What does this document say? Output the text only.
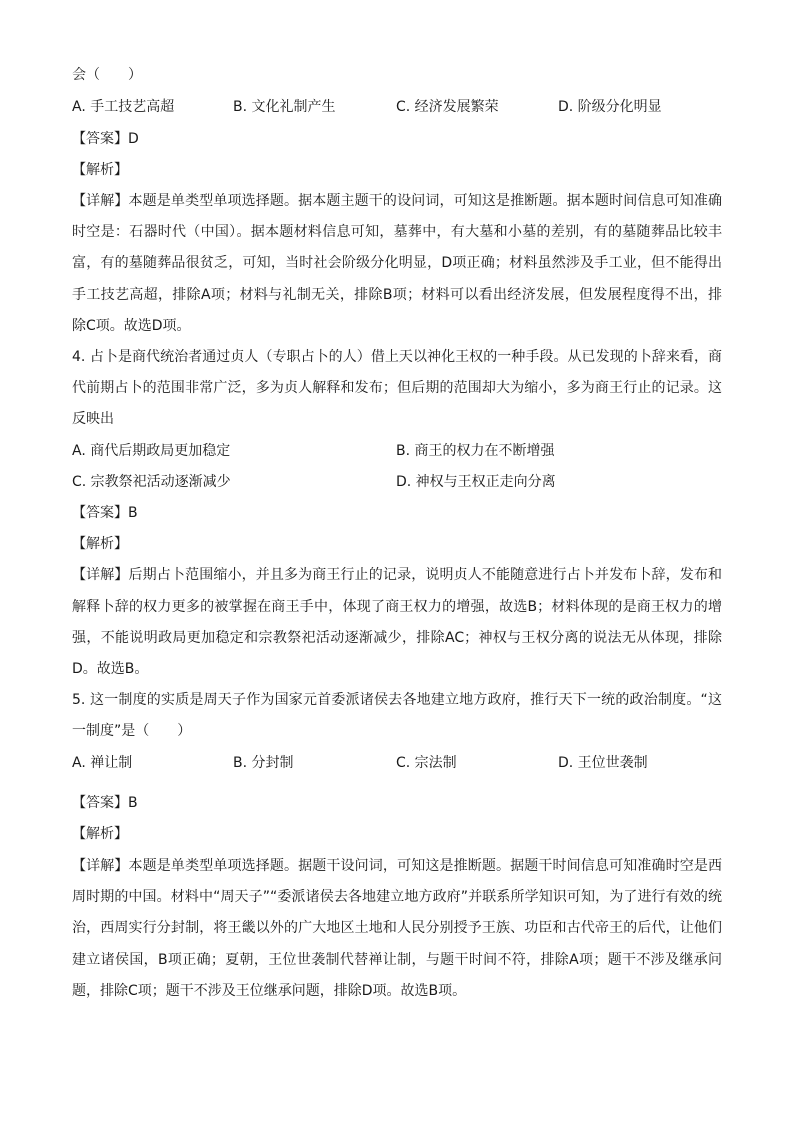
会（　　）
A. 手工技艺高超	B. 文化礼制产生	C. 经济发展繁荣	D. 阶级分化明显
【答案】D
【解析】
【详解】本题是单类型单项选择题。据本题主题干的设问词，可知这是推断题。据本题时间信息可知准确
时空是：石器时代（中国）。据本题材料信息可知，墓葬中，有大墓和小墓的差别，有的墓随葬品比较丰
富，有的墓随葬品很贫乏，可知，当时社会阶级分化明显，D项正确；材料虽然涉及手工业，但不能得出
手工技艺高超，排除A项；材料与礼制无关，排除B项；材料可以看出经济发展，但发展程度得不出，排
除C项。故选D项。
4. 占卜是商代统治者通过贞人（专职占卜的人）借上天以神化王权的一种手段。从已发现的卜辞来看，商
代前期占卜的范围非常广泛，多为贞人解释和发布；但后期的范围却大为缩小，多为商王行止的记录。这
反映出
A. 商代后期政局更加稳定	B. 商王的权力在不断增强
C. 宗教祭祀活动逐渐减少	D. 神权与王权正走向分离
【答案】B
【解析】
【详解】后期占卜范围缩小，并且多为商王行止的记录，说明贞人不能随意进行占卜并发布卜辞，发布和
解释卜辞的权力更多的被掌握在商王手中，体现了商王权力的增强，故选B；材料体现的是商王权力的增
强，不能说明政局更加稳定和宗教祭祀活动逐渐减少，排除AC；神权与王权分离的说法无从体现，排除
D。故选B。
5. 这一制度的实质是周天子作为国家元首委派诸侯去各地建立地方政府，推行天下一统的政治制度。“这
一制度”是（　　）
A. 禅让制	B. 分封制	C. 宗法制	D. 王位世袭制
【答案】B
【解析】
【详解】本题是单类型单项选择题。据题干设问词，可知这是推断题。据题干时间信息可知准确时空是西
周时期的中国。材料中“周天子”“委派诸侯去各地建立地方政府”并联系所学知识可知，为了进行有效的统
治，西周实行分封制，将王畿以外的广大地区土地和人民分别授予王族、功臣和古代帝王的后代，让他们
建立诸侯国，B项正确；夏朝，王位世袭制代替禅让制，与题干时间不符，排除A项；题干不涉及继承问
题，排除C项；题干不涉及王位继承问题，排除D项。故选B项。
